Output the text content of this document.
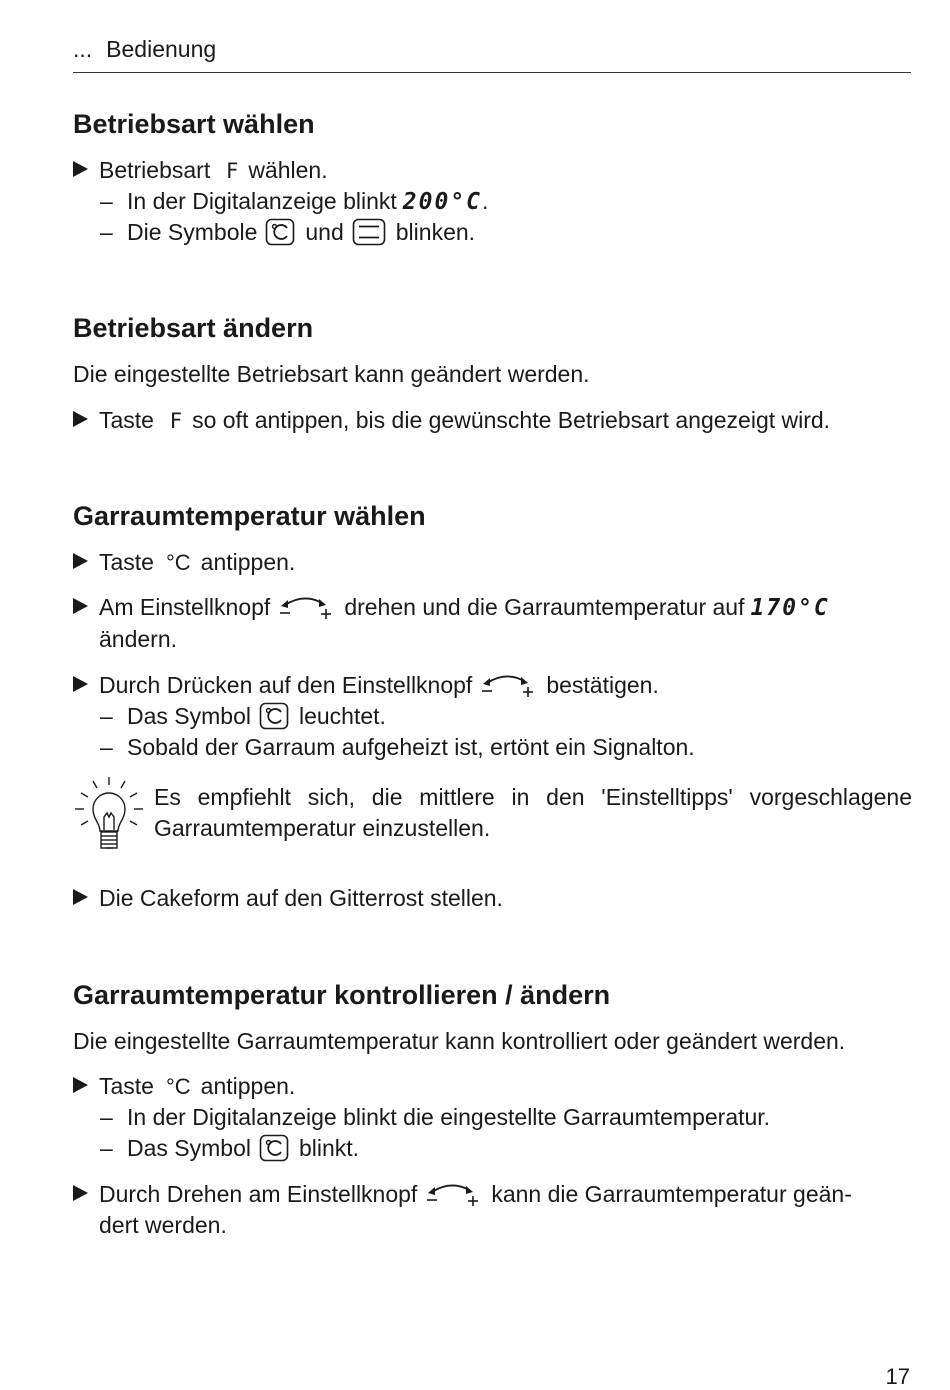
... Bedienung
Betriebsart wählen
Betriebsart F wählen.
– In der Digitalanzeige blinkt 200°C.
– Die Symbole und blinken.
Betriebsart ändern

Die eingestellte Betriebsart kann geändert werden.

Taste F so oft antippen, bis die gewünschte Betriebsart angezeigt wird.
Garraumtemperatur wählen
Taste °C antippen.
Am Einstellknopf	drehen und die Garraumtemperatur auf 170°C
ändern.
Durch Drücken auf den Einstellknopf	bestätigen.
– Das Symbol leuchtet.
– Sobald der Garraum aufgeheizt ist, ertönt ein Signalton.
Es empfiehlt sich, die mittlere in den 'Einstelltipps' vorgeschlagene Garraumtemperatur einzustellen.
Die Cakeform auf den Gitterrost stellen.
Garraumtemperatur kontrollieren / ändern

Die eingestellte Garraumtemperatur kann kontrolliert oder geändert werden.

Taste °C antippen.
– In der Digitalanzeige blinkt die eingestellte Garraumtemperatur.
– Das Symbol blinkt.
Durch Drehen am Einstellknopf	kann die Garraumtemperatur geän-
dert werden.
17
